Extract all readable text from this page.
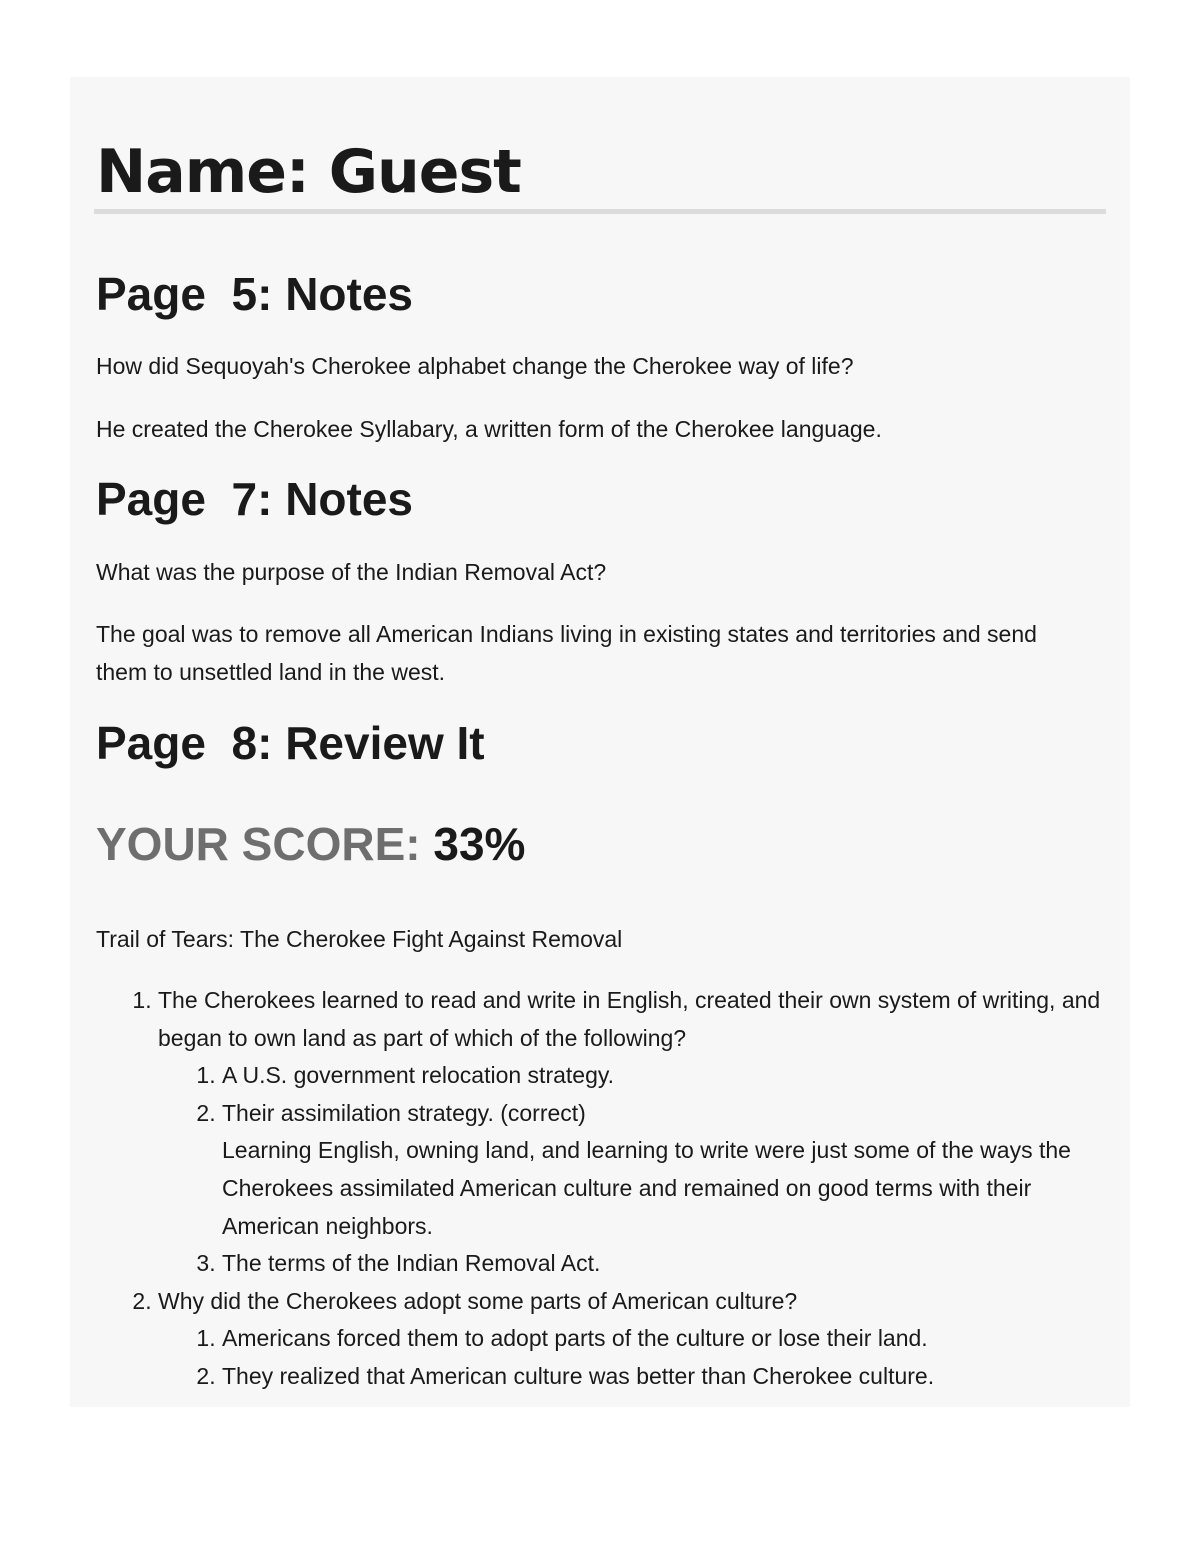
Name: Guest
Page  5: Notes

How did Sequoyah's Cherokee alphabet change the Cherokee way of life?

He created the Cherokee Syllabary, a written form of the Cherokee language.

Page  7: Notes

What was the purpose of the Indian Removal Act?

The goal was to remove all American Indians living in existing states and territories and send them to unsettled land in the west.

Page  8: Review It
YOUR SCORE: 33%

Trail of Tears: The Cherokee Fight Against Removal

1. The Cherokees learned to read and write in English, created their own system of writing, and began to own land as part of which of the following?
1. A U.S. government relocation strategy.
2. Their assimilation strategy. (correct)
Learning English, owning land, and learning to write were just some of the ways the Cherokees assimilated American culture and remained on good terms with their American neighbors.
3. The terms of the Indian Removal Act.
2. Why did the Cherokees adopt some parts of American culture?
1. Americans forced them to adopt parts of the culture or lose their land.
2. They realized that American culture was better than Cherokee culture.
